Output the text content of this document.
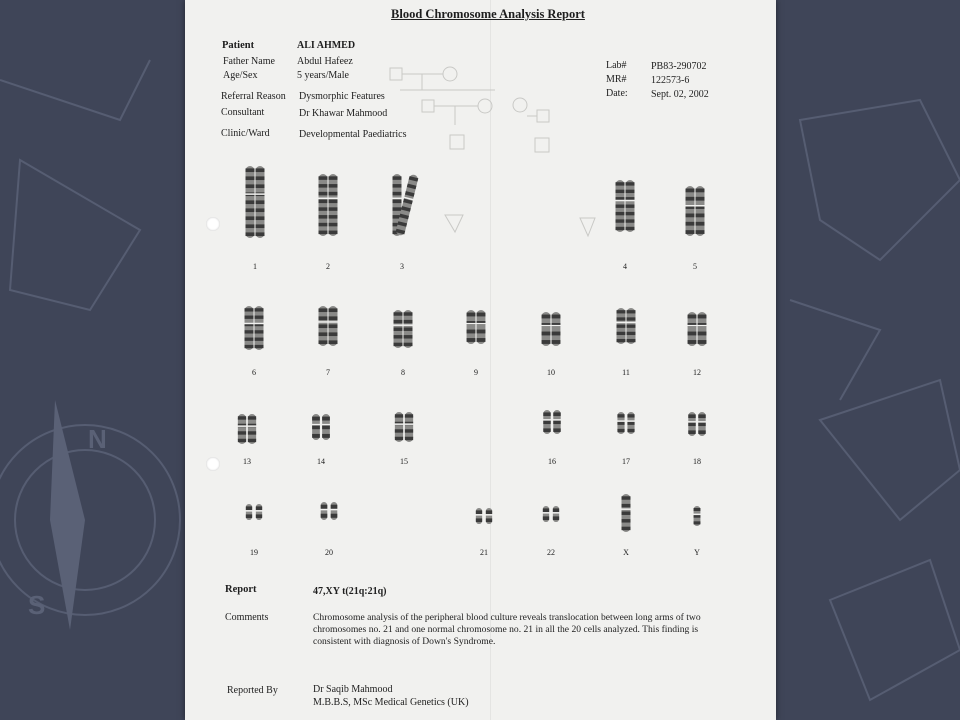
S
N
Blood Chromosome Analysis Report
Patient	ALI AHMED
Father Name Abdul Hafeez
Age/Sex	5 years/Male
Referral Reason Dysmorphic Features
Consultant	Dr Khawar Mahmood
Clinic/Ward	Developmental Paediatrics
Lab# PB83-290702
MR# 122573-6
Date: Sept. 02, 2002
1	2	3	4	5
6	7	8	9	10	11	12
13	14	15	16	17	18
19	20	21	22	X	Y
Report	47,XY t(21q:21q)
Comments	Chromosome analysis of the peripheral blood culture reveals translocation between long arms of two chromosomes no. 21 and one normal chromosome no. 21 in all the 20 cells analyzed. This finding is consistent with diagnosis of Down's Syndrome.
Reported By	Dr Saqib Mahmood
M.B.B.S, MSc Medical Genetics (UK)
